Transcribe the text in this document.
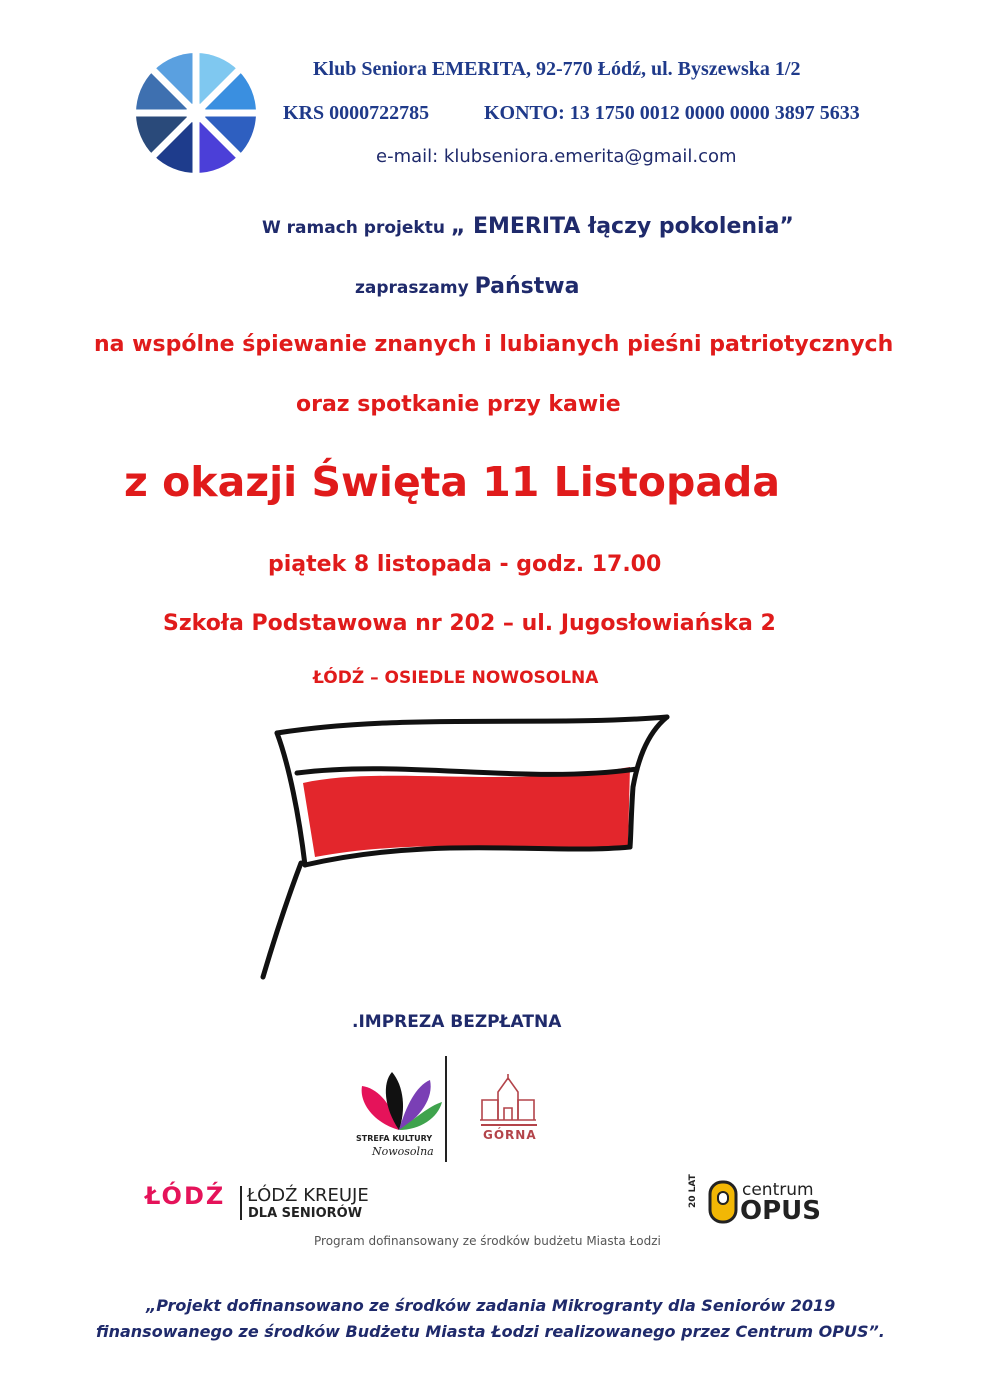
Klub Seniora EMERITA, 92-770 Łódź, ul. Byszewska 1/2
KRS 0000722785	KONTO: 13 1750 0012 0000 0000 3897 5633
e-mail: klubseniora.emerita@gmail.com
W ramach projektu „ EMERITA łączy pokolenia”
zapraszamy Państwa
na wspólne śpiewanie znanych i lubianych pieśni patriotycznych
oraz spotkanie przy kawie
z okazji Święta 11 Listopada
piątek 8 listopada - godz. 17.00
Szkoła Podstawowa nr 202 – ul. Jugosłowiańska 2
ŁÓDŹ – OSIEDLE NOWOSOLNA
.IMPREZA BEZPŁATNA
STREFA KULTURY
Nowosolna
GÓRNA
ŁÓDŹ ŁÓDŹ KREUJE
DLA SENIORÓW
20 LAT	centrum
OPUS
Program dofinansowany ze środków budżetu Miasta Łodzi
„Projekt dofinansowano ze środków zadania Mikrogranty dla Seniorów 2019
finansowanego ze środków Budżetu Miasta Łodzi realizowanego przez Centrum OPUS”.
